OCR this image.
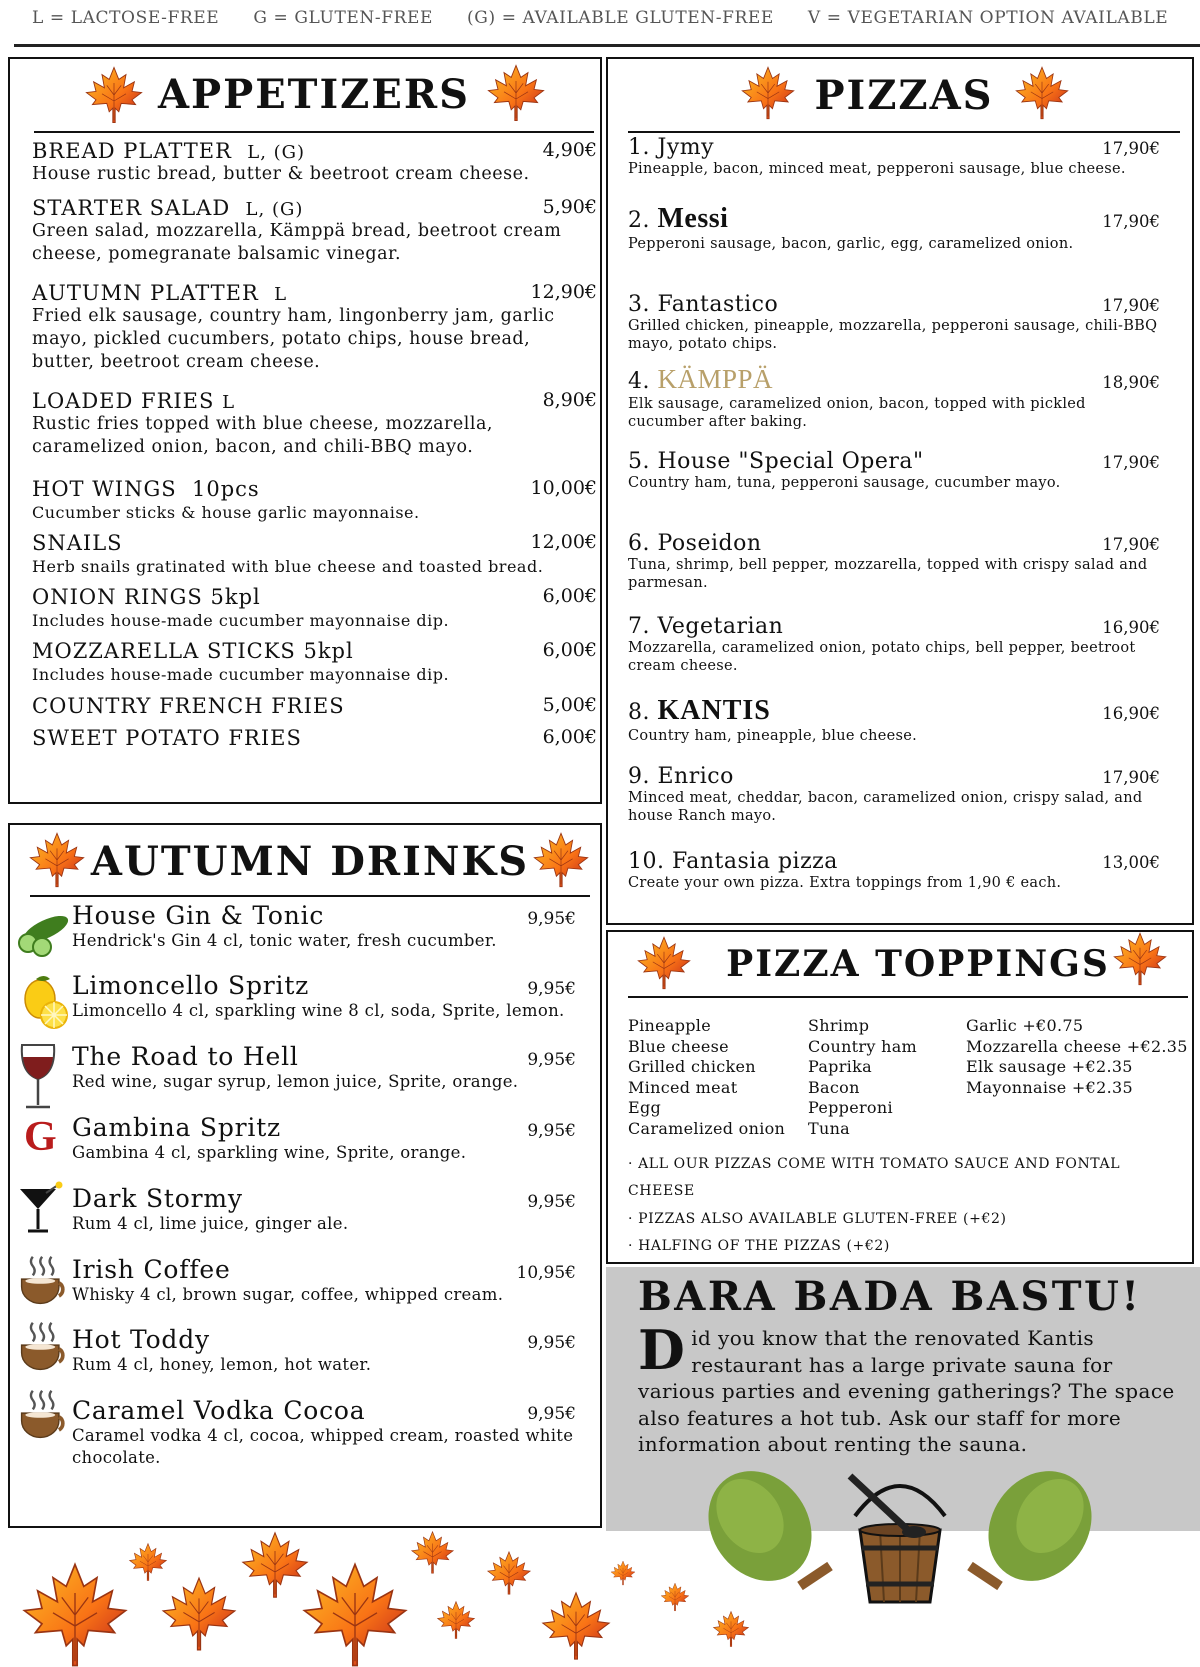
L = LACTOSE-FREE G = GLUTEN-FREE (G) = AVAILABLE GLUTEN-FREE V = VEGETARIAN OPTION AVAILABLE
APPETIZERS
BREAD PLATTER L, (G)	4,90€
House rustic bread, butter & beetroot cream cheese.
STARTER SALAD L, (G)	5,90€
Green salad, mozzarella, Kämppä bread, beetroot cream cheese, pomegranate balsamic vinegar.
AUTUMN PLATTER L	12,90€
Fried elk sausage, country ham, lingonberry jam, garlic mayo, pickled cucumbers, potato chips, house bread, butter, beetroot cream cheese.
LOADED FRIES L	8,90€
Rustic fries topped with blue cheese, mozzarella, caramelized onion, bacon, and chili-BBQ mayo.
HOT WINGS 10pcs	10,00€
Cucumber sticks & house garlic mayonnaise.
SNAILS	12,00€
Herb snails gratinated with blue cheese and toasted bread.
ONION RINGS 5kpl	6,00€
Includes house-made cucumber mayonnaise dip.
MOZZARELLA STICKS 5kpl	6,00€
Includes house-made cucumber mayonnaise dip.
COUNTRY FRENCH FRIES	5,00€
SWEET POTATO FRIES	6,00€
PIZZAS
1. Jymy	17,90€
Pineapple, bacon, minced meat, pepperoni sausage, blue cheese.
2. Messi	17,90€
Pepperoni sausage, bacon, garlic, egg, caramelized onion.
3. Fantastico	17,90€
Grilled chicken, pineapple, mozzarella, pepperoni sausage, chili-BBQ mayo, potato chips.
4. KÄMPPÄ	18,90€
Elk sausage, caramelized onion, bacon, topped with pickled cucumber after baking.
5. House "Special Opera"	17,90€
Country ham, tuna, pepperoni sausage, cucumber mayo.
6. Poseidon	17,90€
Tuna, shrimp, bell pepper, mozzarella, topped with crispy salad and parmesan.
7. Vegetarian	16,90€
Mozzarella, caramelized onion, potato chips, bell pepper, beetroot cream cheese.
8. KANTIS	16,90€
Country ham, pineapple, blue cheese.
9. Enrico	17,90€
Minced meat, cheddar, bacon, caramelized onion, crispy salad, and house Ranch mayo.
10. Fantasia pizza	13,00€
Create your own pizza. Extra toppings from 1,90 € each.
AUTUMN DRINKS
G
House Gin & Tonic	9,95€
Hendrick's Gin 4 cl, tonic water, fresh cucumber.
Limoncello Spritz	9,95€
Limoncello 4 cl, sparkling wine 8 cl, soda, Sprite, lemon.
The Road to Hell	9,95€
Red wine, sugar syrup, lemon juice, Sprite, orange.
Gambina Spritz	9,95€
Gambina 4 cl, sparkling wine, Sprite, orange.
Dark Stormy	9,95€
Rum 4 cl, lime juice, ginger ale.
Irish Coffee	10,95€
Whisky 4 cl, brown sugar, coffee, whipped cream.
Hot Toddy	9,95€
Rum 4 cl, honey, lemon, hot water.
Caramel Vodka Cocoa	9,95€
Caramel vodka 4 cl, cocoa, whipped cream, roasted white chocolate.
PIZZA TOPPINGS
Pineapple
Blue cheese
Grilled chicken
Minced meat
Egg
Caramelized onion
Shrimp
Country ham
Paprika
Bacon
Pepperoni
Tuna
Garlic +€0.75
Mozzarella cheese +€2.35
Elk sausage +€2.35
Mayonnaise +€2.35
· ALL OUR PIZZAS COME WITH TOMATO SAUCE AND FONTAL
CHEESE
· PIZZAS ALSO AVAILABLE GLUTEN-FREE (+€2)
· HALFING OF THE PIZZAS (+€2)
BARA BADA BASTU!

Did you know that the renovated Kantis restaurant has a large private sauna for various parties and evening gatherings? The space also features a hot tub. Ask our staff for more information about renting the sauna.
